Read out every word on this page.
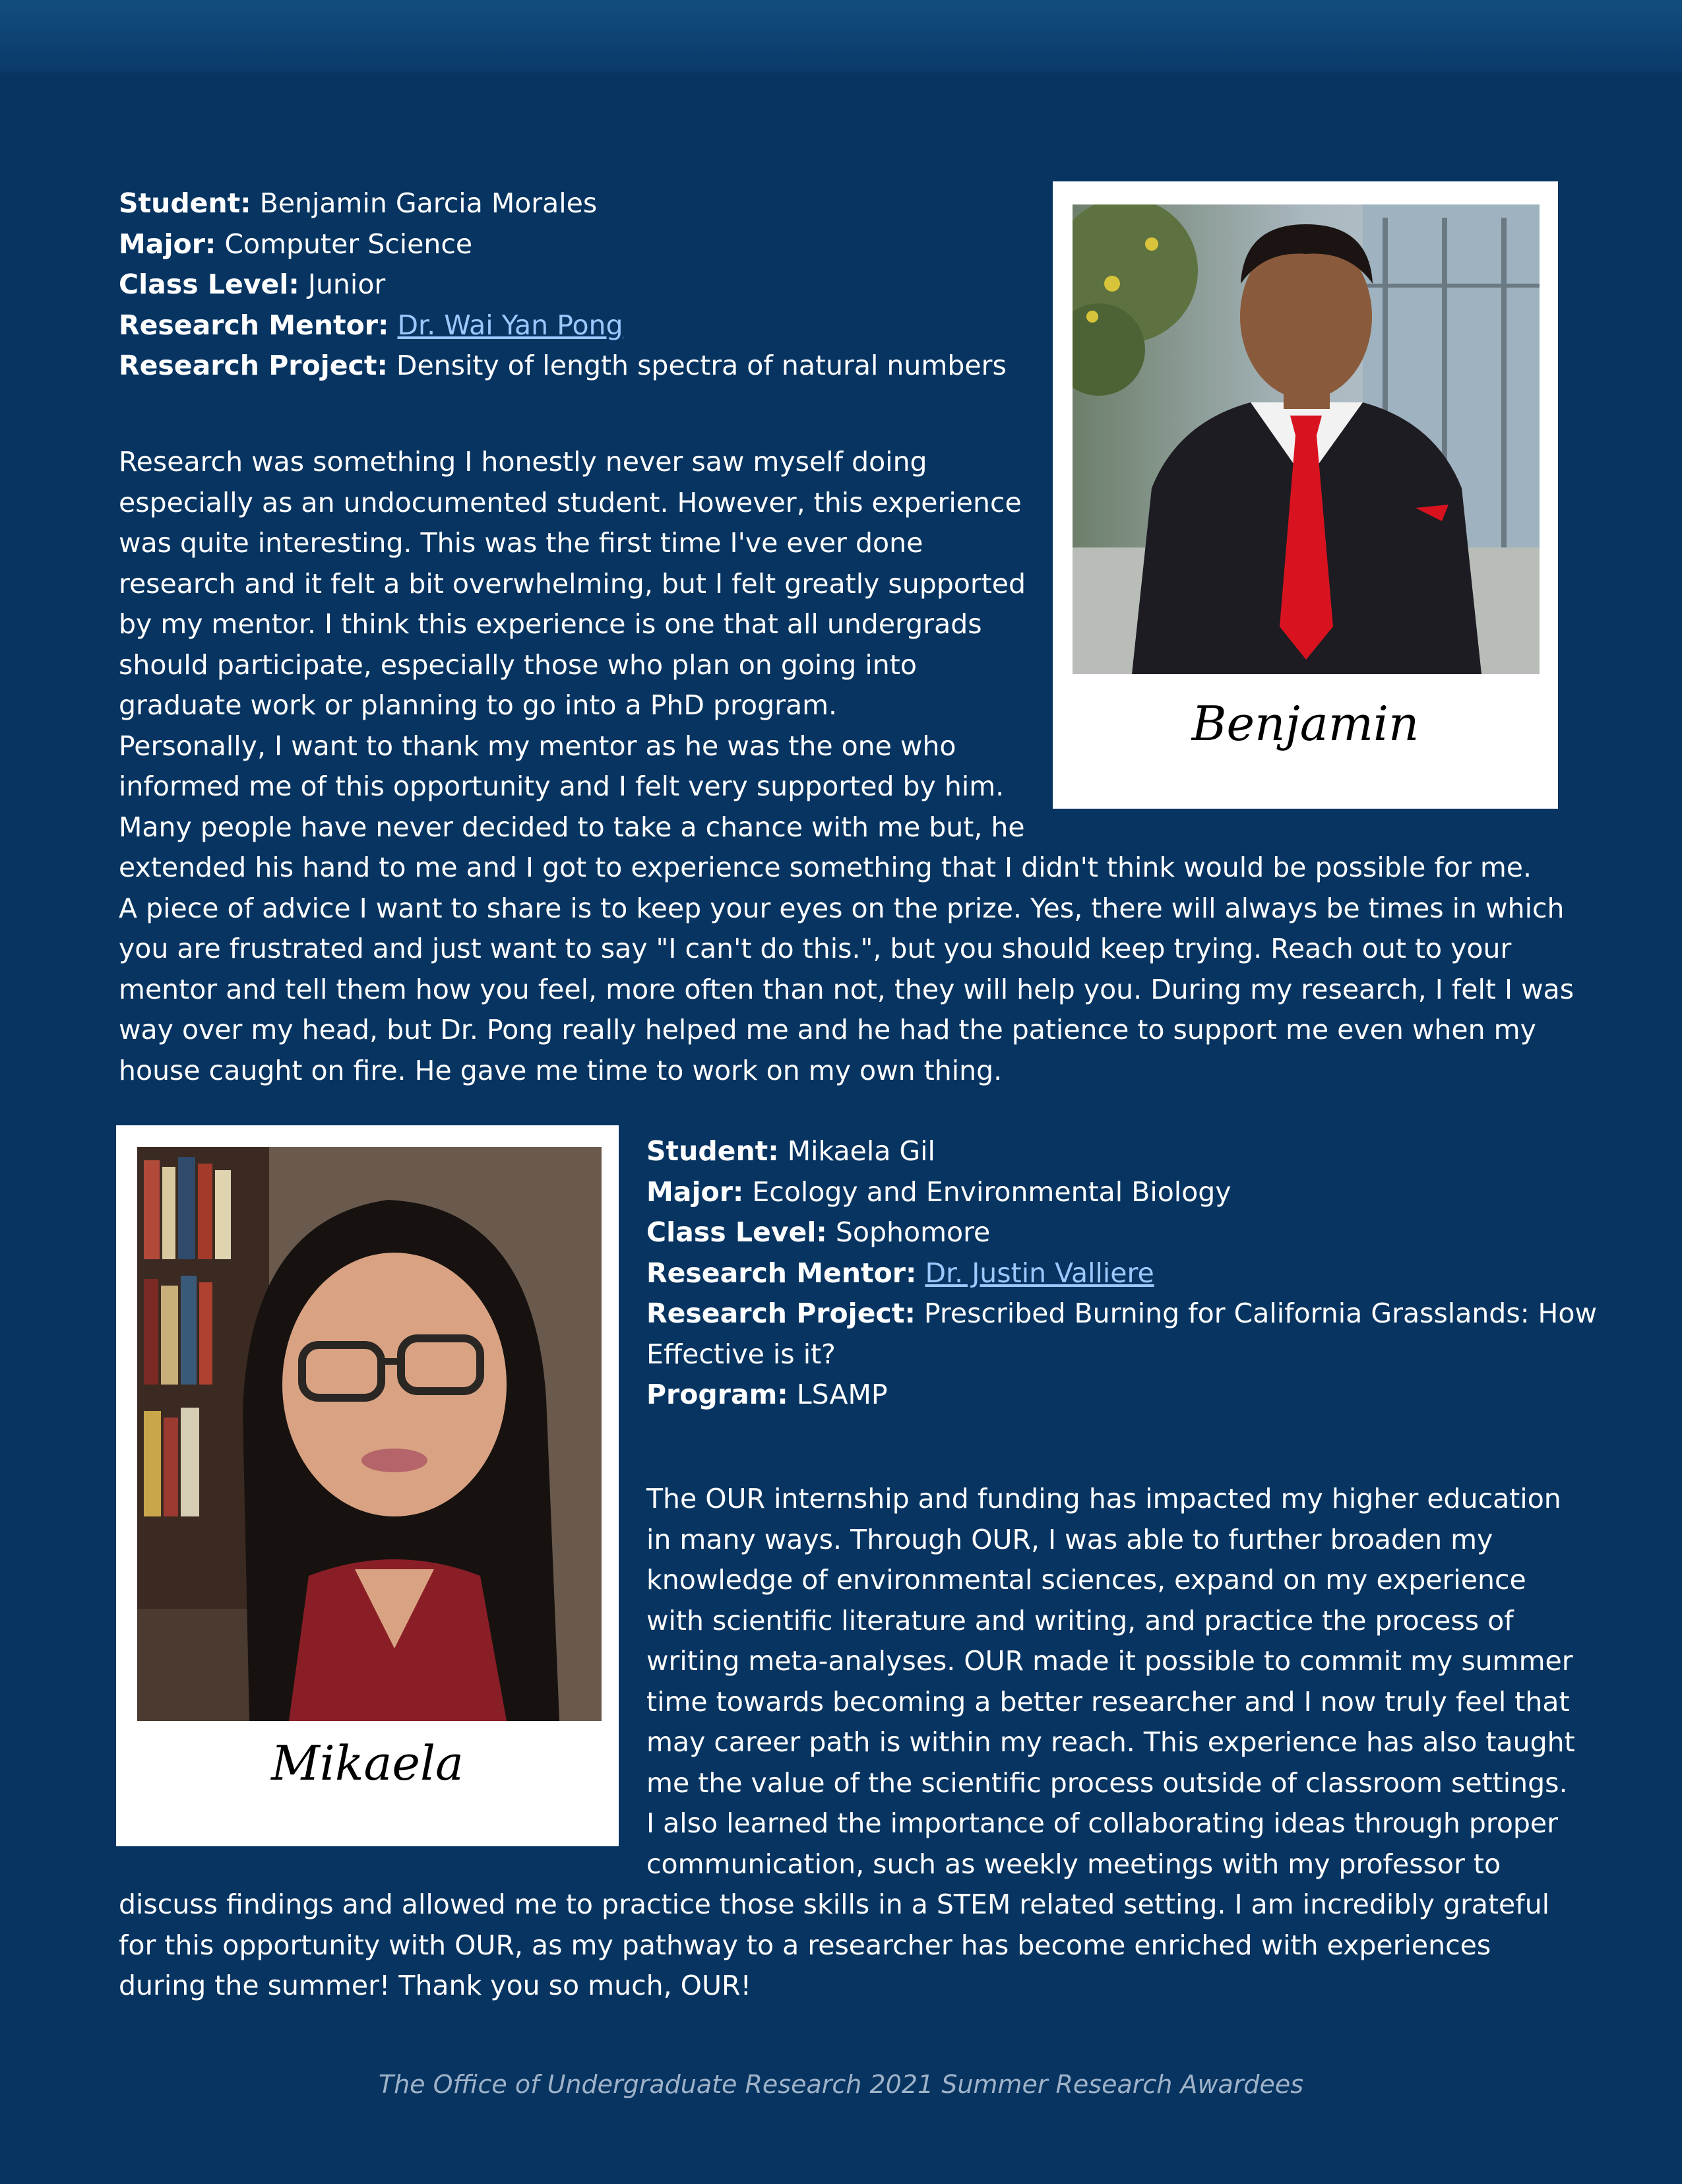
Student: Benjamin Garcia Morales

Major: Computer Science

Class Level: Junior

Research Mentor: Dr. Wai Yan Pong

Research Project: Density of length spectra of natural numbers

Research was something I honestly never saw myself doing

especially as an undocumented student. However, this experience

was quite interesting. This was the first time I've ever done

research and it felt a bit overwhelming, but I felt greatly supported

by my mentor. I think this experience is one that all undergrads

should participate, especially those who plan on going into

graduate work or planning to go into a PhD program.

Personally, I want to thank my mentor as he was the one who

informed me of this opportunity and I felt very supported by him.

Many people have never decided to take a chance with me but, he

extended his hand to me and I got to experience something that I didn't think would be possible for me.

A piece of advice I want to share is to keep your eyes on the prize. Yes, there will always be times in which

you are frustrated and just want to say "I can't do this.", but you should keep trying. Reach out to your

mentor and tell them how you feel, more often than not, they will help you. During my research, I felt I was

way over my head, but Dr. Pong really helped me and he had the patience to support me even when my

house caught on fire. He gave me time to work on my own thing.

Benjamin
Mikaela

Student: Mikaela Gil

Major: Ecology and Environmental Biology

Class Level: Sophomore

Research Mentor: Dr. Justin Valliere

Research Project: Prescribed Burning for California Grasslands: How

Effective is it?

Program: LSAMP

The OUR internship and funding has impacted my higher education

in many ways. Through OUR, I was able to further broaden my

knowledge of environmental sciences, expand on my experience

with scientific literature and writing, and practice the process of

writing meta-analyses. OUR made it possible to commit my summer

time towards becoming a better researcher and I now truly feel that

may career path is within my reach. This experience has also taught

me the value of the scientific process outside of classroom settings.

I also learned the importance of collaborating ideas through proper

communication, such as weekly meetings with my professor to

discuss findings and allowed me to practice those skills in a STEM related setting. I am incredibly grateful

for this opportunity with OUR, as my pathway to a researcher has become enriched with experiences

during the summer! Thank you so much, OUR!

The Office of Undergraduate Research 2021 Summer Research Awardees
